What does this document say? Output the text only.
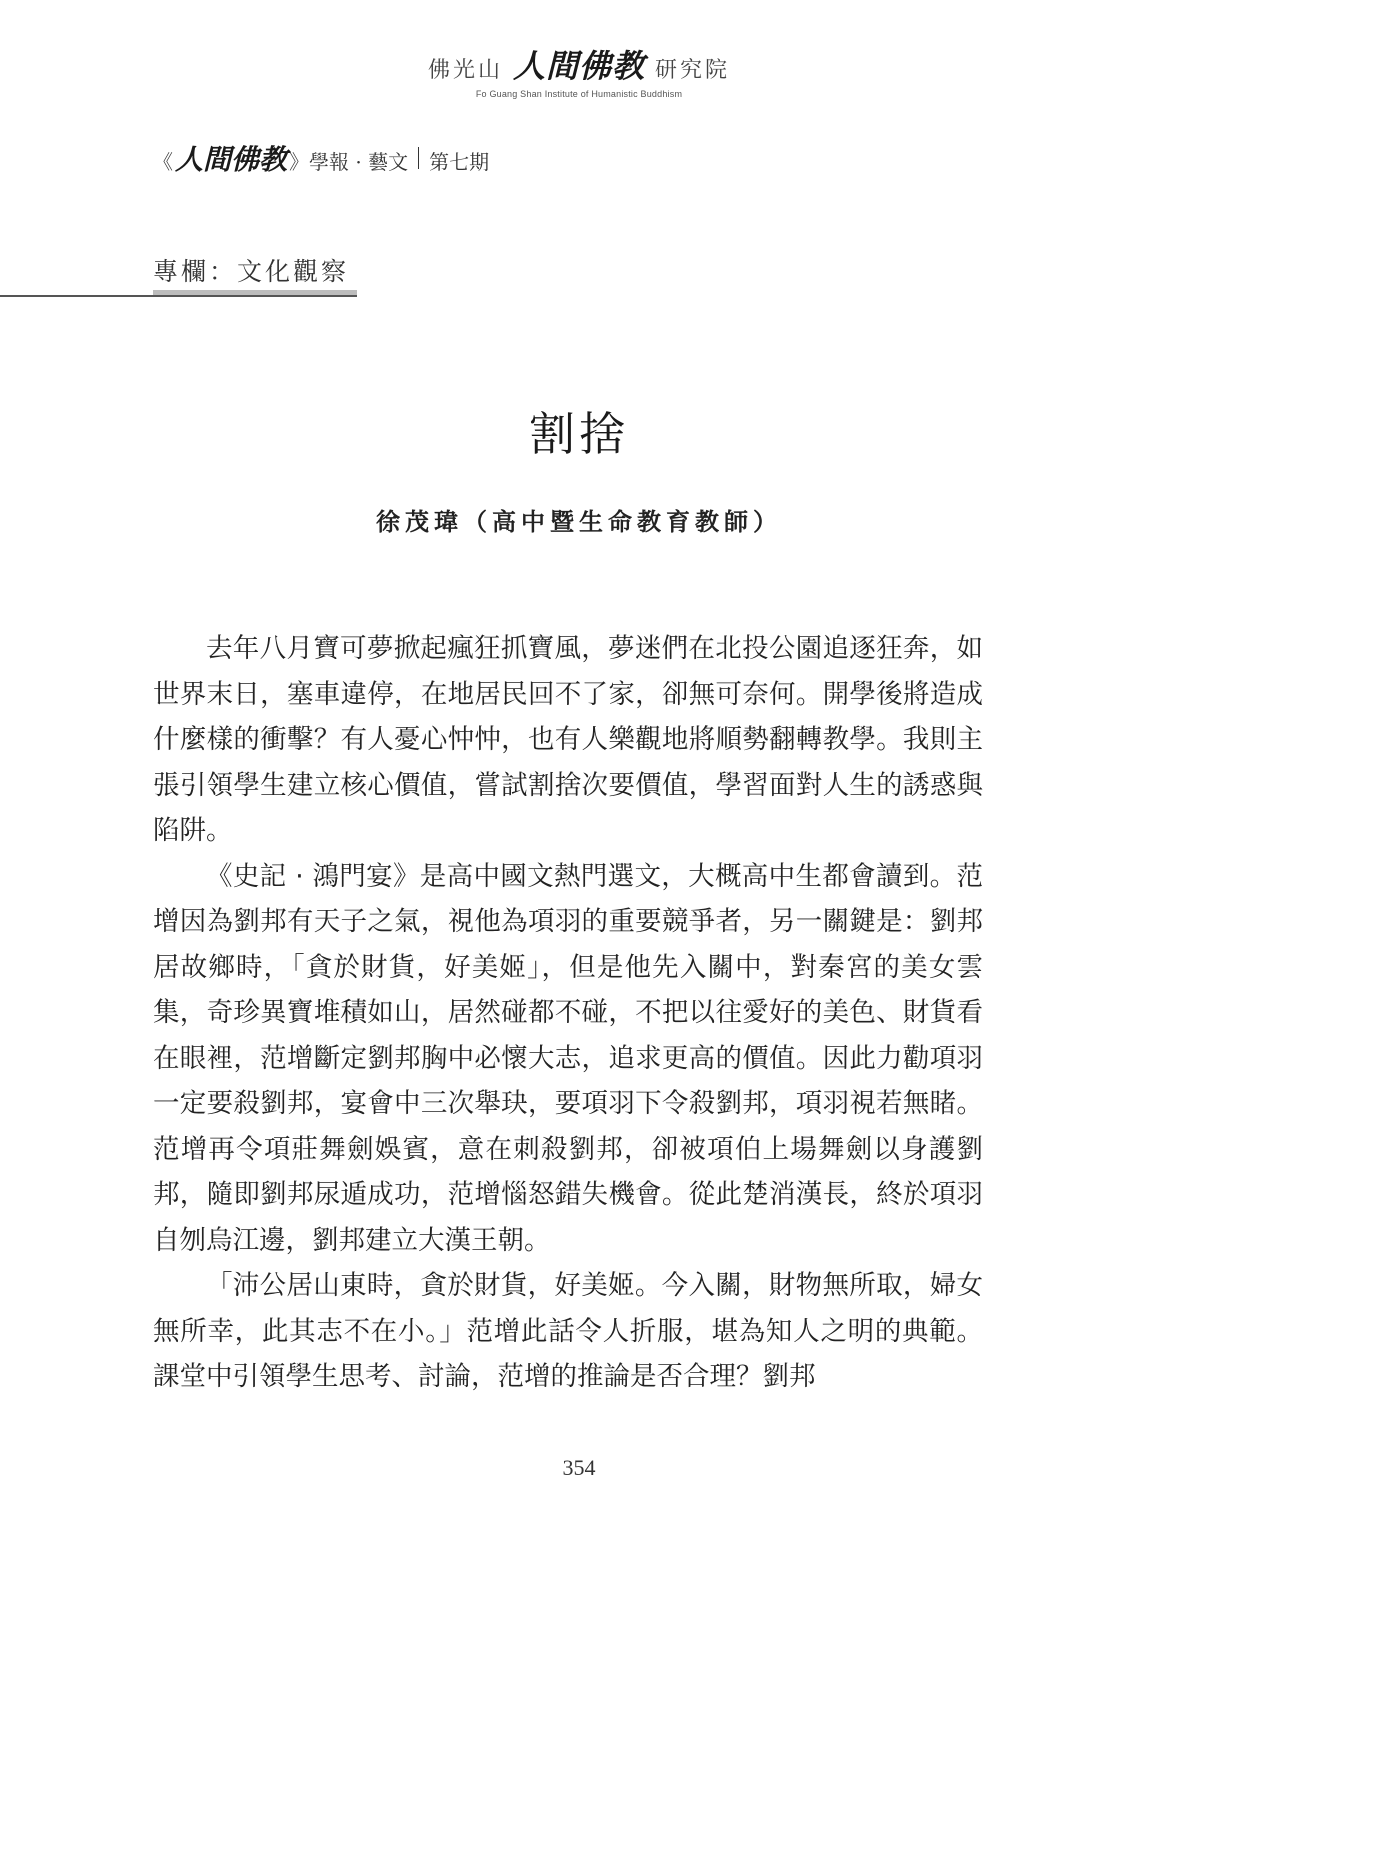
佛光山 人間佛教 研究院
Fo Guang Shan Institute of Humanistic Buddhism
《 人間佛教 》學報 · 藝文 第七期
專欄：文化觀察
割捨
徐茂瑋（高中暨生命教育教師）

去年八月寶可夢掀起瘋狂抓寶風，夢迷們在北投公園追逐狂奔，如世界末日，塞車違停，在地居民回不了家，卻無可奈何。開學後將造成什麼樣的衝擊？有人憂心忡忡，也有人樂觀地將順勢翻轉教學。我則主張引領學生建立核心價值，嘗試割捨次要價值，學習面對人生的誘惑與陷阱。

《史記 · 鴻門宴》是高中國文熱門選文，大概高中生都會讀到。范增因為劉邦有天子之氣，視他為項羽的重要競爭者，另一關鍵是：劉邦居故鄉時，「貪於財貨，好美姬」，但是他先入關中，對秦宮的美女雲集，奇珍異寶堆積如山，居然碰都不碰，不把以往愛好的美色、財貨看在眼裡，范增斷定劉邦胸中必懷大志，追求更高的價值。因此力勸項羽一定要殺劉邦，宴會中三次舉玦，要項羽下令殺劉邦，項羽視若無睹。范增再令項莊舞劍娛賓，意在刺殺劉邦，卻被項伯上場舞劍以身護劉邦，隨即劉邦尿遁成功，范增惱怒錯失機會。從此楚消漢長，終於項羽自刎烏江邊，劉邦建立大漢王朝。

「沛公居山東時，貪於財貨，好美姬。今入關，財物無所取，婦女無所幸，此其志不在小。」范增此話令人折服，堪為知人之明的典範。課堂中引領學生思考、討論，范增的推論是否合理？劉邦

354
